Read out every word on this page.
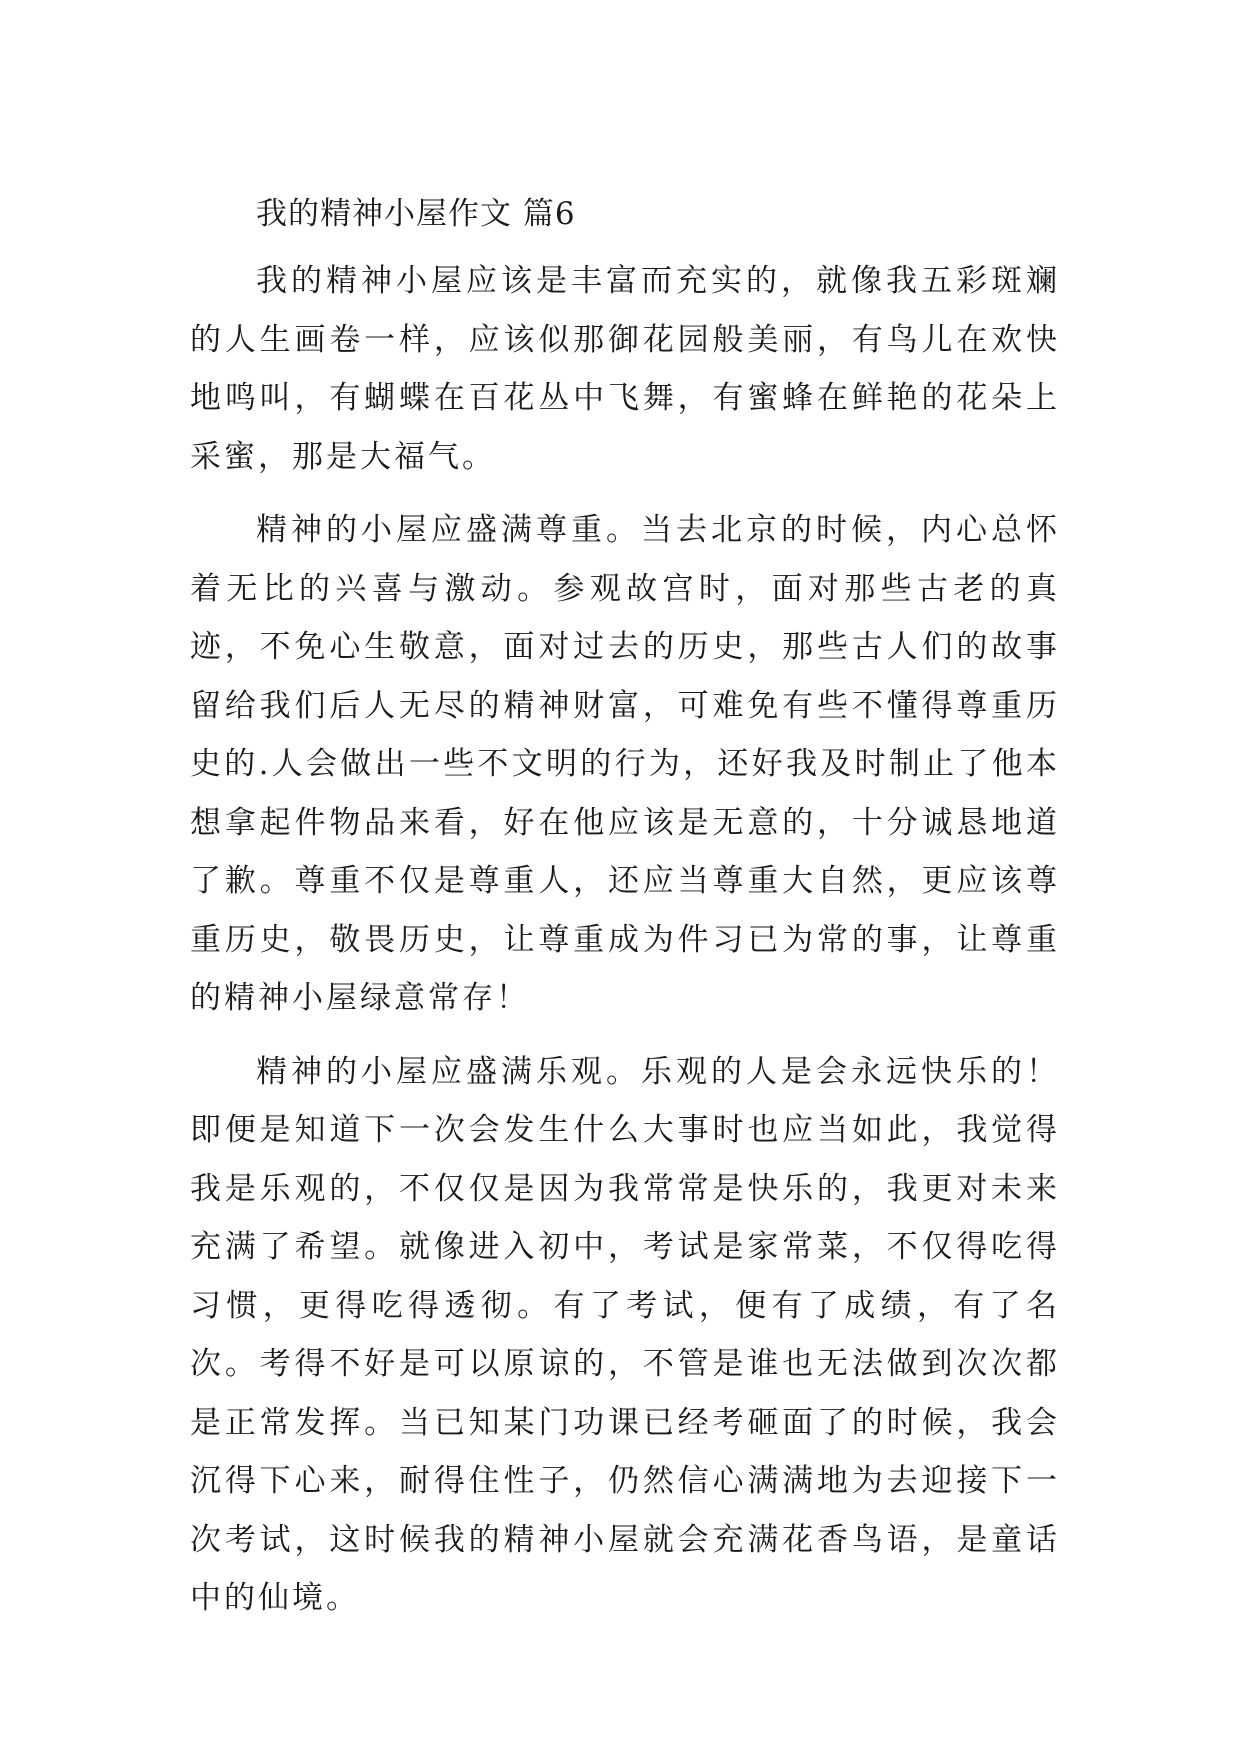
我的精神小屋作文 篇6

我的精神小屋应该是丰富而充实的，就像我五彩斑斓的人生画卷一样，应该似那御花园般美丽，有鸟儿在欢快地鸣叫，有蝴蝶在百花丛中飞舞，有蜜蜂在鲜艳的花朵上采蜜，那是大福气。

精神的小屋应盛满尊重。当去北京的时候，内心总怀着无比的兴喜与激动。参观故宫时，面对那些古老的真迹，不免心生敬意，面对过去的历史，那些古人们的故事留给我们后人无尽的精神财富，可难免有些不懂得尊重历史的.人会做出一些不文明的行为，还好我及时制止了他本想拿起件物品来看，好在他应该是无意的，十分诚恳地道了歉。尊重不仅是尊重人，还应当尊重大自然，更应该尊重历史，敬畏历史，让尊重成为件习已为常的事，让尊重的精神小屋绿意常存！

精神的小屋应盛满乐观。乐观的人是会永远快乐的！即便是知道下一次会发生什么大事时也应当如此，我觉得我是乐观的，不仅仅是因为我常常是快乐的，我更对未来充满了希望。就像进入初中，考试是家常菜，不仅得吃得习惯，更得吃得透彻。有了考试，便有了成绩，有了名次。考得不好是可以原谅的，不管是谁也无法做到次次都是正常发挥。当已知某门功课已经考砸面了的时候，我会沉得下心来，耐得住性子，仍然信心满满地为去迎接下一次考试，这时候我的精神小屋就会充满花香鸟语，是童话中的仙境。
